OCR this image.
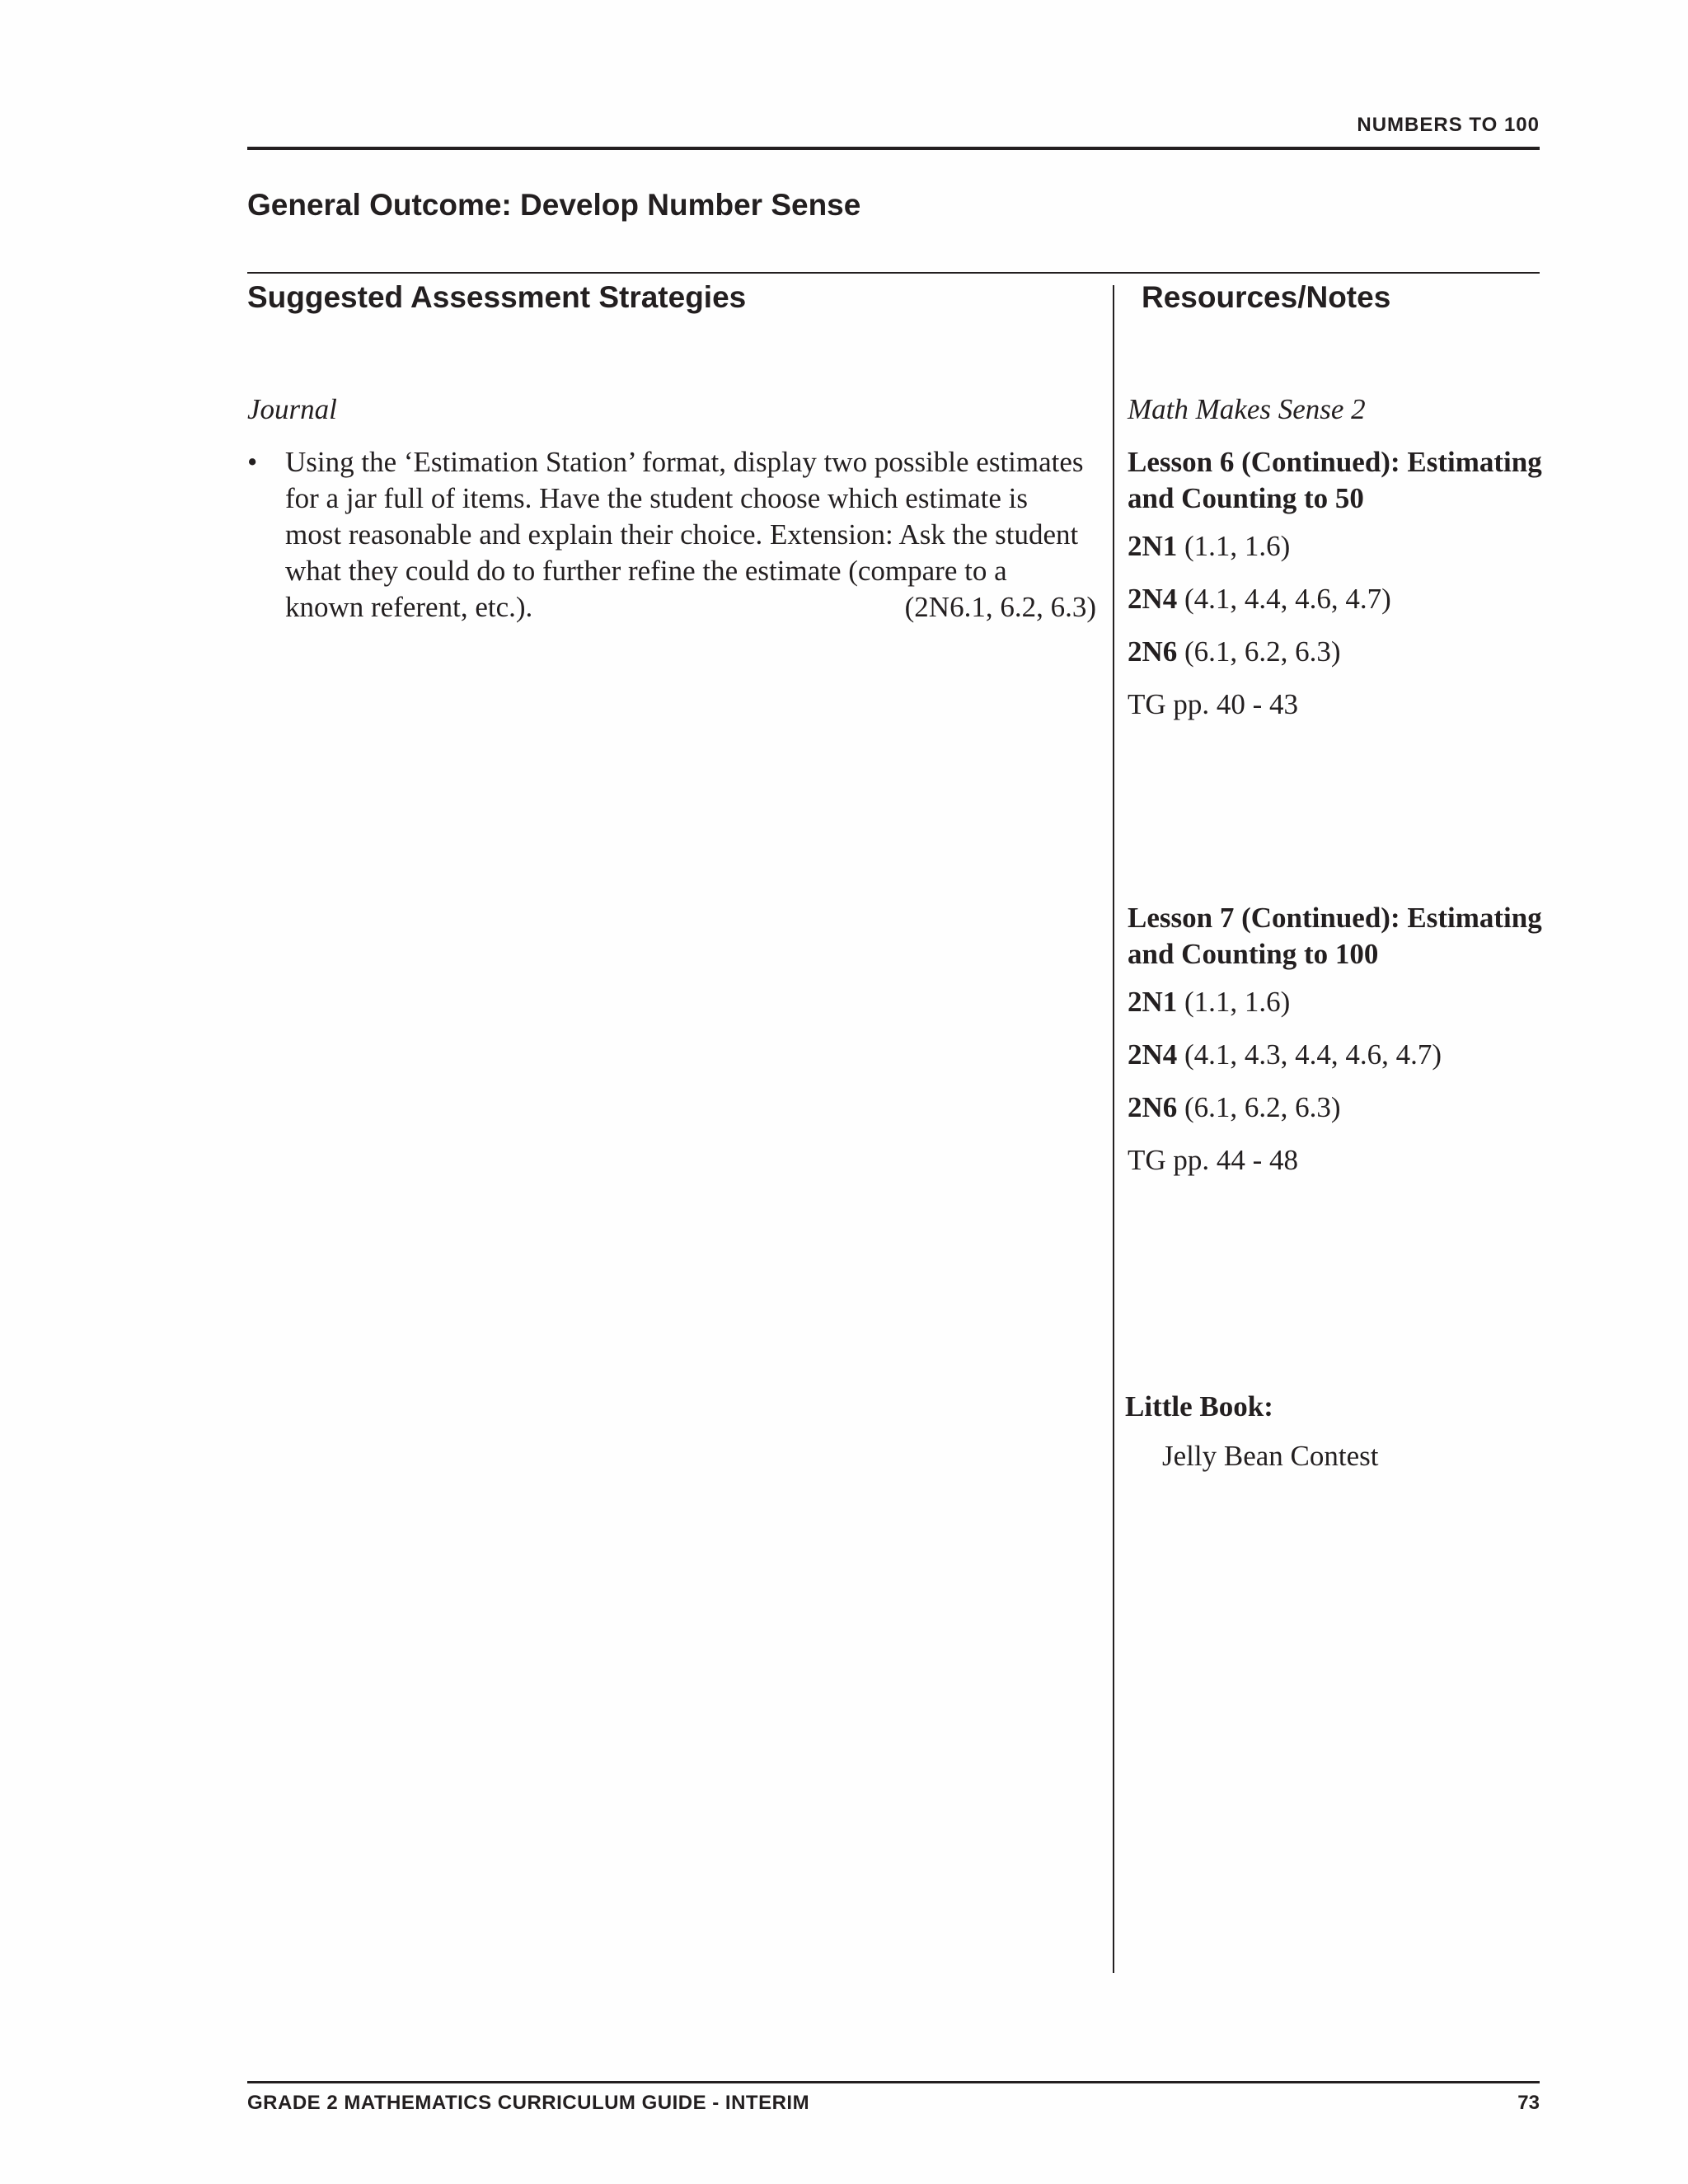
NUMBERS TO 100
General Outcome: Develop Number Sense
Suggested Assessment Strategies	Resources/Notes
Journal
• Using the ‘Estimation Station’ format, display two possible estimates
for a jar full of items. Have the student choose which estimate is
most reasonable and explain their choice. Extension: Ask the student
what they could do to further refine the estimate (compare to a
known referent, etc.).	(2N6.1, 6.2, 6.3)
Math Makes Sense 2
Lesson 6 (Continued): Estimating
and Counting to 50
2N1 (1.1, 1.6)
2N4 (4.1, 4.4, 4.6, 4.7)
2N6 (6.1, 6.2, 6.3)
TG pp. 40 - 43
Lesson 7 (Continued): Estimating
and Counting to 100
2N1 (1.1, 1.6)
2N4 (4.1, 4.3, 4.4, 4.6, 4.7)
2N6 (6.1, 6.2, 6.3)
TG pp. 44 - 48
Little Book:
Jelly Bean Contest
GRADE 2 MATHEMATICS CURRICULUM GUIDE - INTERIM	73
